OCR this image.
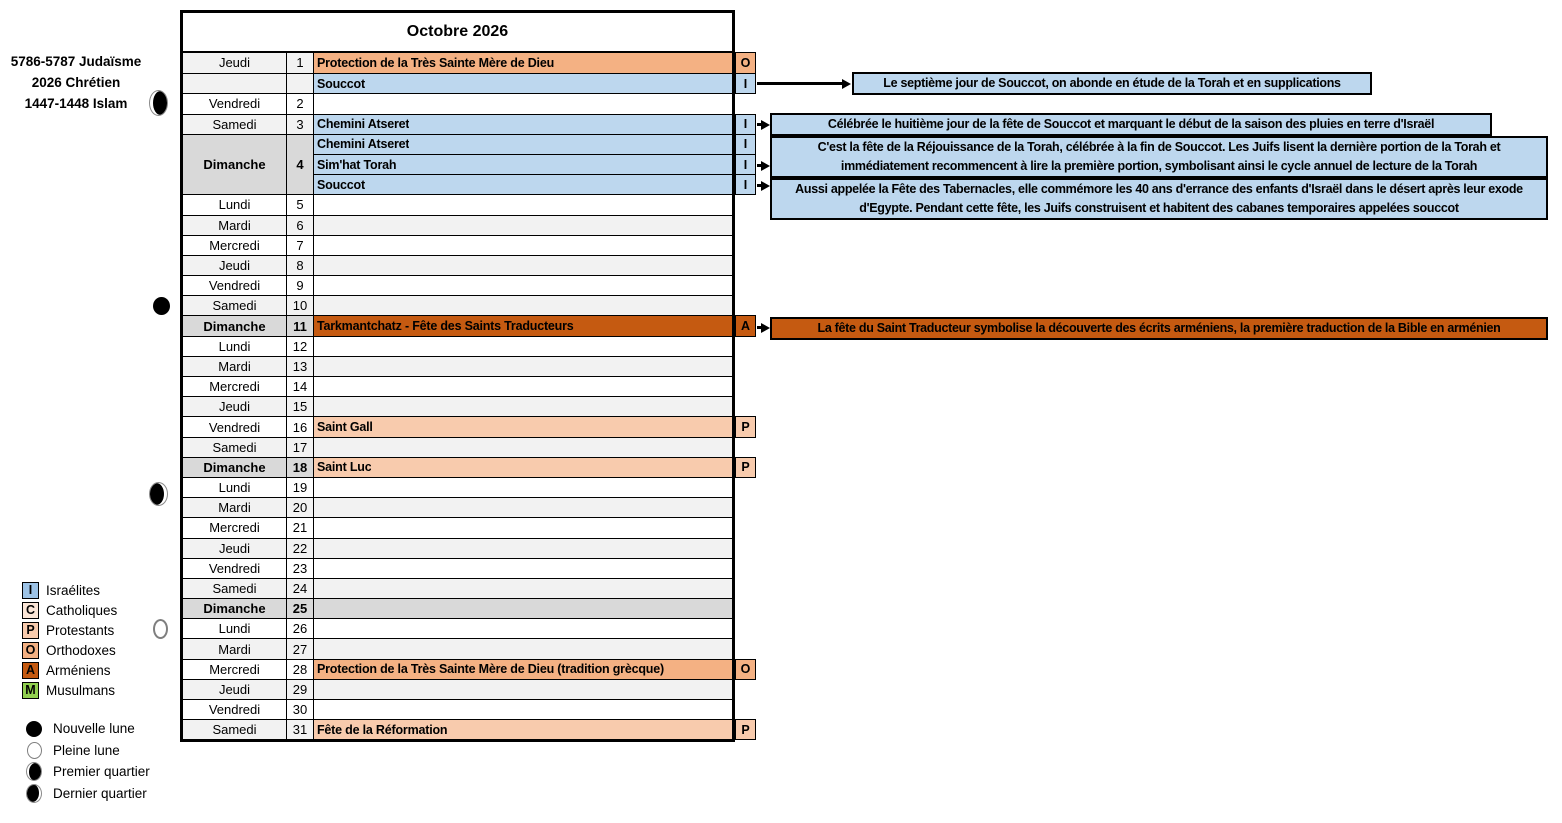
5786-5787 Judaïsme
2026 Chrétien
1447-1448 Islam
Octobre 2026
Jeudi	1	Protection de la Très Sainte Mère de Dieu	O
Souccot	I
Vendredi	2
Samedi	3	Chemini Atseret	I
Dimanche	4
Chemini Atseret	I
Sim'hat Torah	I
Souccot	I
Lundi	5
Mardi	6
Mercredi	7
Jeudi	8
Vendredi	9
Samedi	10
Dimanche	11 Tarkmantchatz - Fête des Saints Traducteurs	A
Lundi	12
Mardi	13
Mercredi	14
Jeudi	15
Vendredi	16 Saint Gall	P
Samedi	17
Dimanche	18 Saint Luc	P
Lundi	19
Mardi	20
Mercredi	21
Jeudi	22
Vendredi	23
Samedi	24
Dimanche	25
Lundi	26
Mardi	27
Mercredi	28 Protection de la Très Sainte Mère de Dieu (tradition grècque)	O
Jeudi	29
Vendredi	30
Samedi	31 Fête de la Réformation	P
Le septième jour de Souccot, on abonde en étude de la Torah et en supplications
Célébrée le huitième jour de la fête de Souccot et marquant le début de la saison des pluies en terre d'Israël
C'est la fête de la Réjouissance de la Torah, célébrée à la fin de Souccot. Les Juifs lisent la dernière portion de la Torah et immédiatement recommencent à lire la première portion, symbolisant ainsi le cycle annuel de lecture de la Torah
Aussi appelée la Fête des Tabernacles, elle commémore les 40 ans d'errance des enfants d'Israël dans le désert après leur exode d'Egypte. Pendant cette fête, les Juifs construisent et habitent des cabanes temporaires appelées souccot
La fête du Saint Traducteur symbolise la découverte des écrits arméniens, la première traduction de la Bible en arménien
I	Israélites
C Catholiques
P Protestants
O Orthodoxes
A Arméniens
M Musulmans
Nouvelle lune
Pleine lune
Premier quartier
Dernier quartier
